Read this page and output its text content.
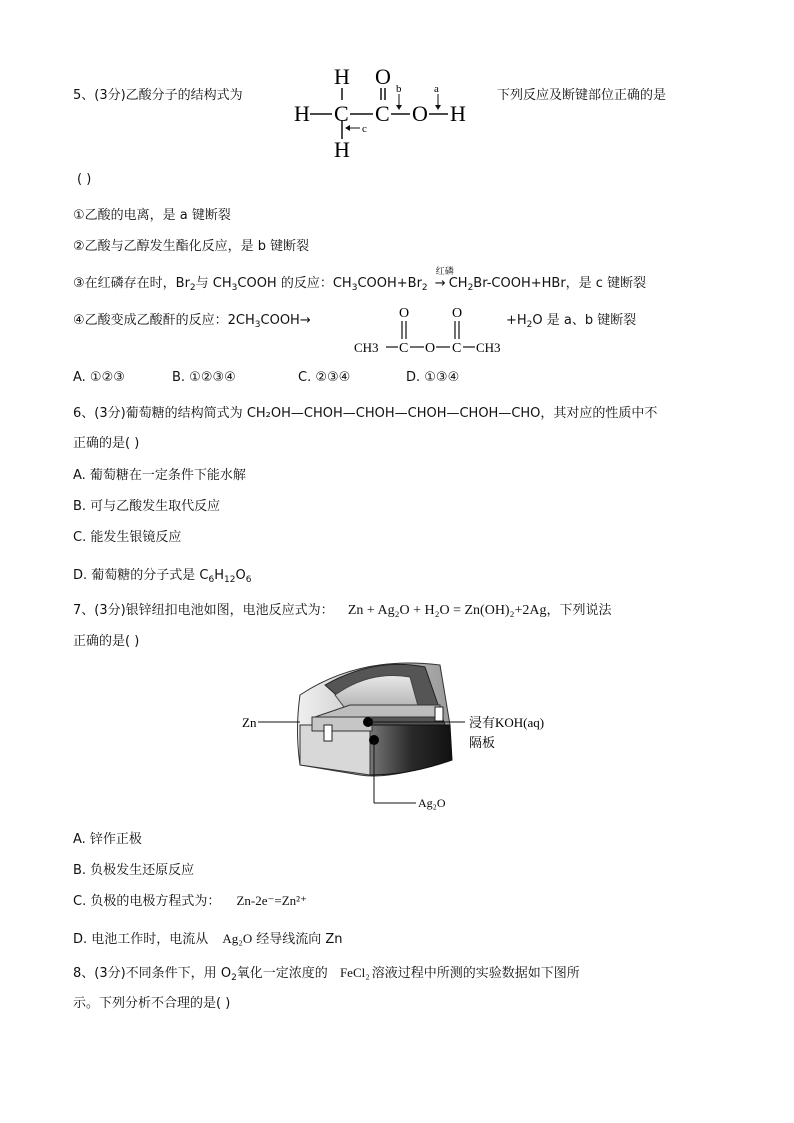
5、(3分)乙酸分子的结构式为
H C C
O
O H
H
H
a
b
c
下列反应及断键部位正确的是
( )
①乙酸的电离，是 a 键断裂
②乙酸与乙醇发生酯化反应，是 b 键断裂
③在红磷存在时，$Br_2$与 $CH_3COOH$ 的反应：$CH_3COOH+Br_2$
红磷
→ $CH_2Br-COOH+HBr$，是 c 键断裂
④乙酸变成乙酸酐的反应：$2CH_3COOH\to$	O	O
CH3 C O C CH3
$+H_2O$ 是 a、b 键断裂
A. ①②③	B. ①②③④	C. ②③④	D. ①③④
6、(3分)葡萄糖的结构简式为 CH₂OH—CHOH—CHOH—CHOH—CHOH—CHO，其对应的性质中不
正确的是( )
A. 葡萄糖在一定条件下能水解
B. 可与乙酸发生取代反应
C. 能发生银镜反应
D. 葡萄糖的分子式是 $C_6H_{12}O_6$
7、(3分)银锌纽扣电池如图，电池反应式为： Zn + Ag₂O + H₂O = Zn(OH)₂+2Ag，下列说法
正确的是( )
Zn	浸有KOH(aq)
隔板
Ag₂O
A. 锌作正极
B. 负极发生还原反应
C. 负极的电极方程式为： Zn-2e⁻=Zn²⁺
D. 电池工作时，电流从 Ag₂O 经导线流向 Zn
8、(3分)不同条件下，用 $O_2$氧化一定浓度的 FeCl₂ 溶液过程中所测的实验数据如下图所
示。下列分析不合理的是( )
